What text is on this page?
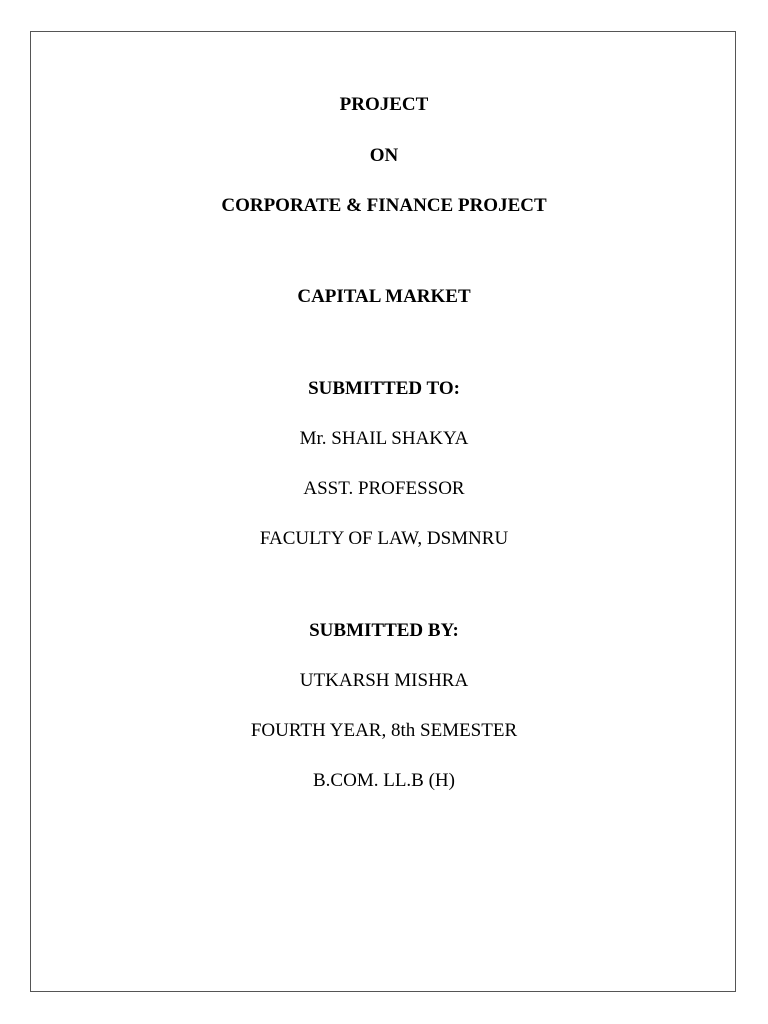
PROJECT
ON
CORPORATE & FINANCE PROJECT
CAPITAL MARKET
SUBMITTED TO:
Mr. SHAIL SHAKYA
ASST. PROFESSOR
FACULTY OF LAW, DSMNRU
SUBMITTED BY:
UTKARSH MISHRA
FOURTH YEAR, 8th SEMESTER
B.COM. LL.B (H)
